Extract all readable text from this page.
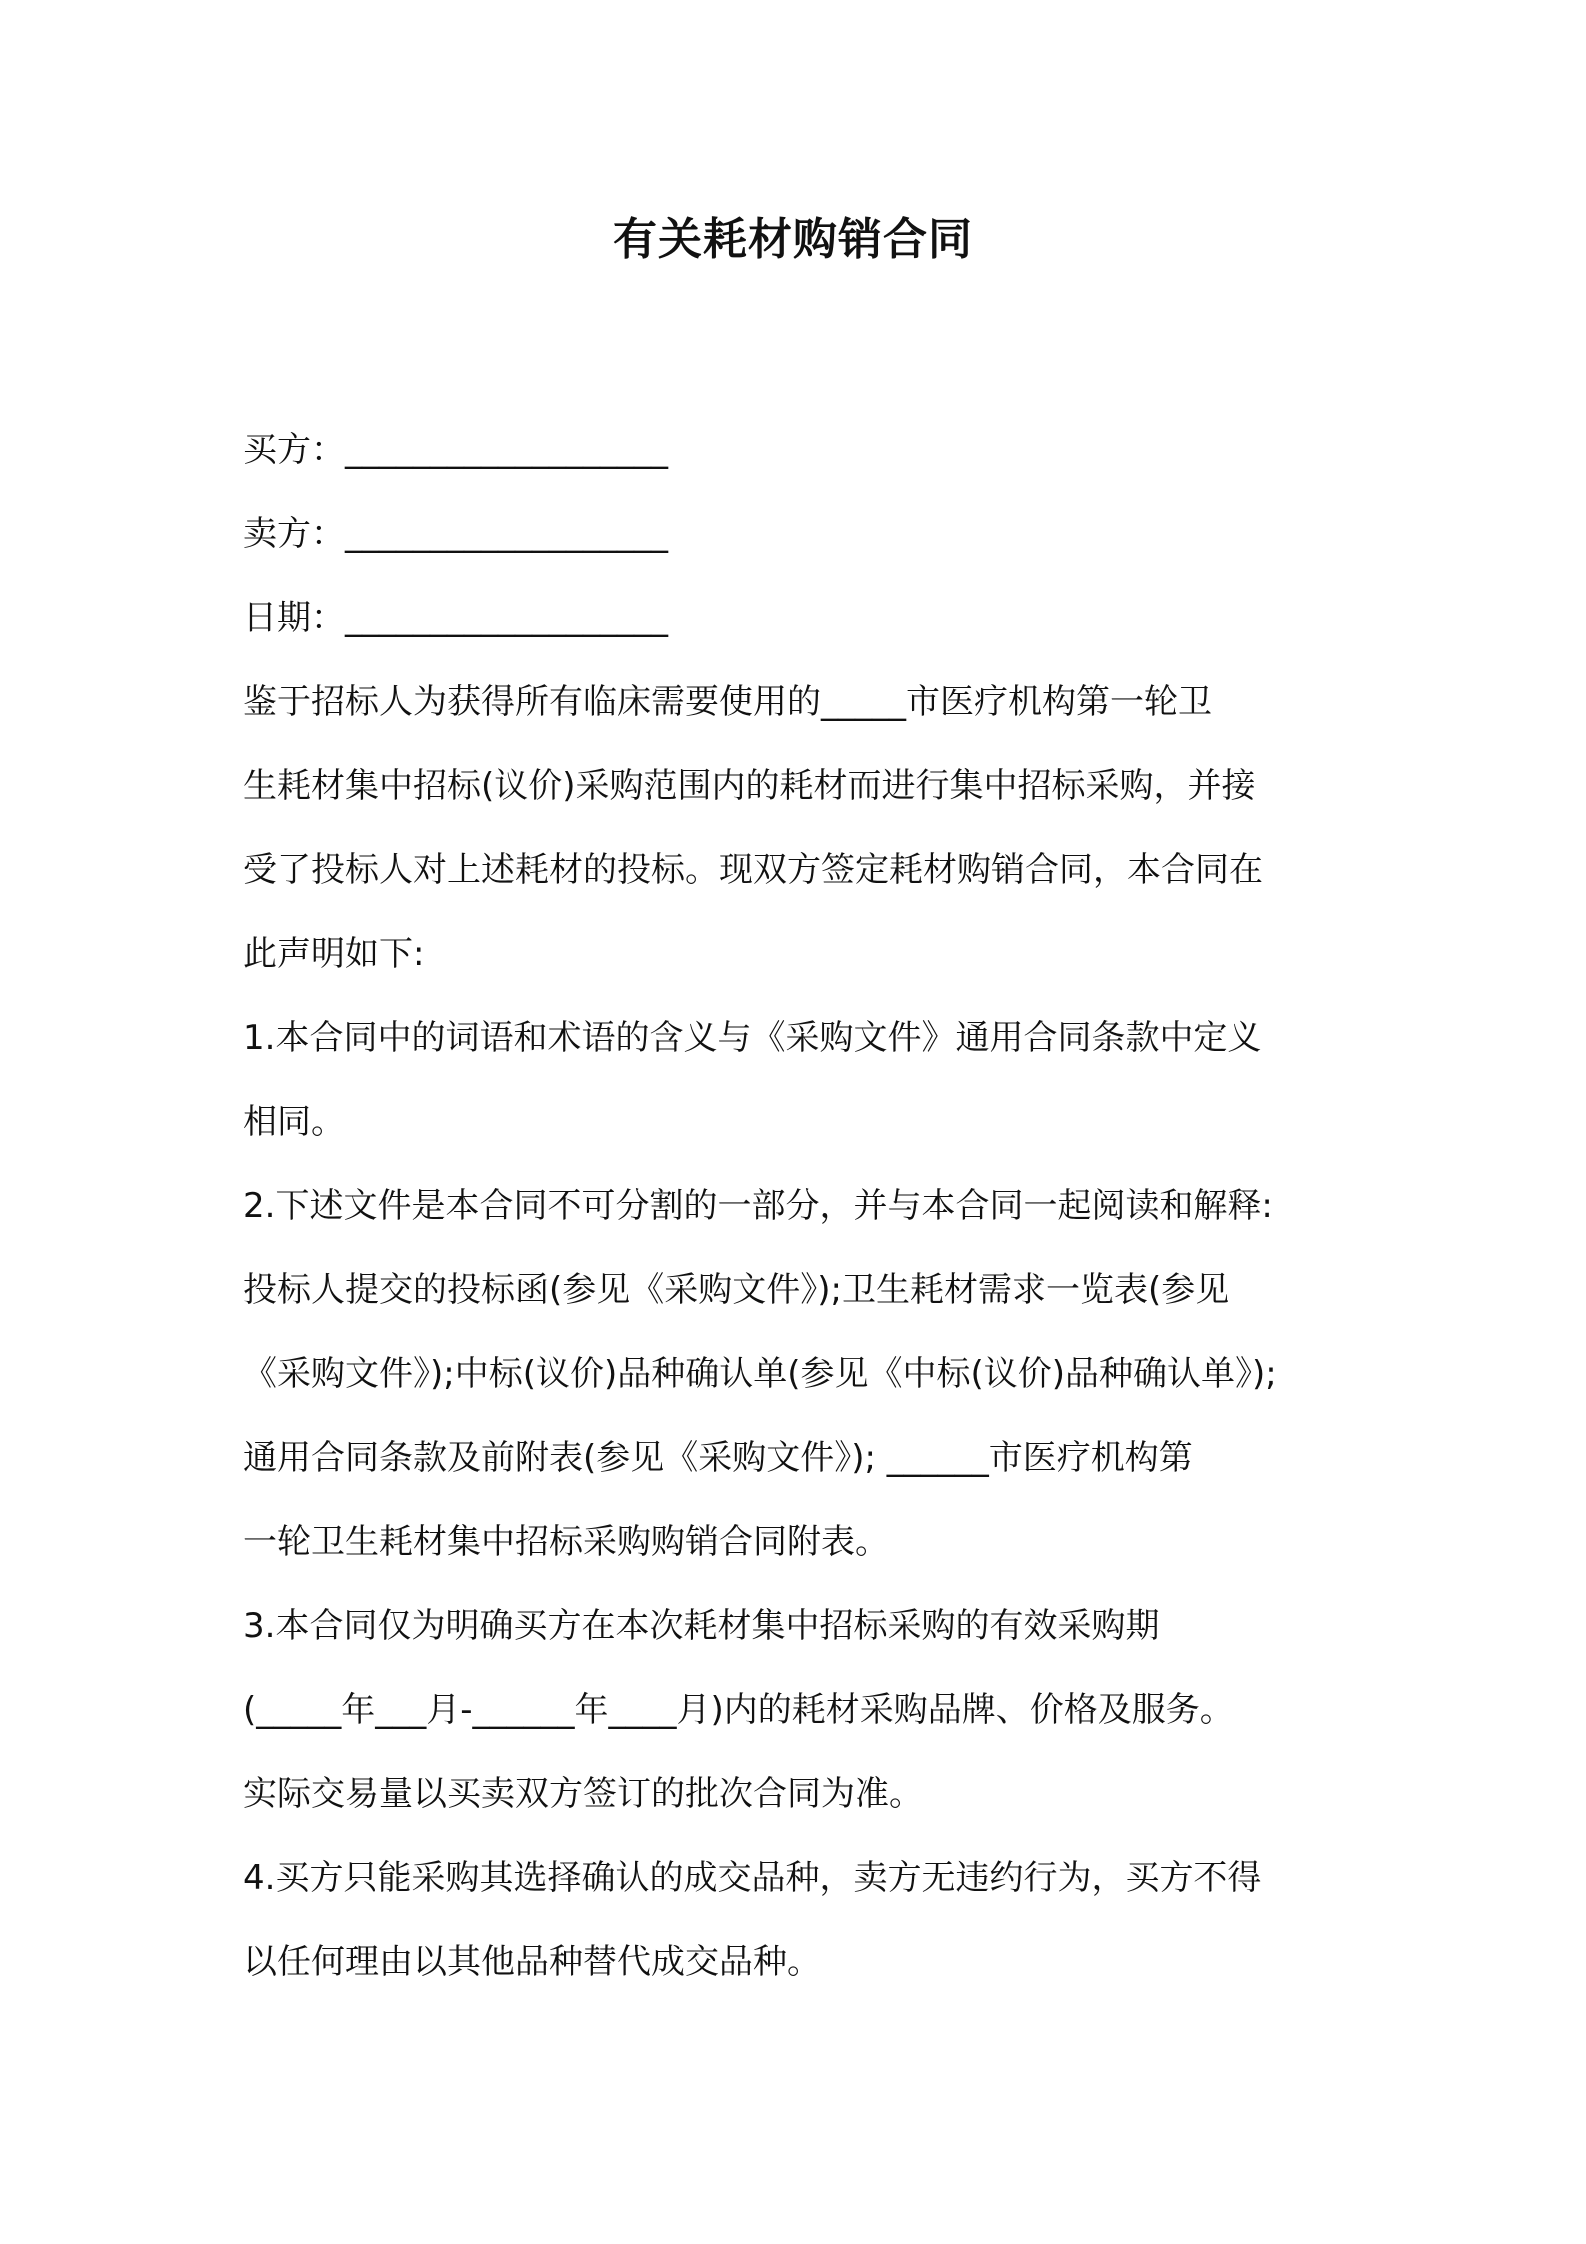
有关耗材购销合同
买方：___________________
卖方：___________________
日期：___________________
鉴于招标人为获得所有临床需要使用的_____市医疗机构第一轮卫
生耗材集中招标(议价)采购范围内的耗材而进行集中招标采购，并接
受了投标人对上述耗材的投标。现双方签定耗材购销合同，本合同在
此声明如下:
1.本合同中的词语和术语的含义与《采购文件》通用合同条款中定义
相同。
2.下述文件是本合同不可分割的一部分，并与本合同一起阅读和解释:
投标人提交的投标函(参见《采购文件》);卫生耗材需求一览表(参见
《采购文件》);中标(议价)品种确认单(参见《中标(议价)品种确认单》);
通用合同条款及前附表(参见《采购文件》); ______市医疗机构第
一轮卫生耗材集中招标采购购销合同附表。
3.本合同仅为明确买方在本次耗材集中招标采购的有效采购期
(_____年___月-______年____月)内的耗材采购品牌、价格及服务。
实际交易量以买卖双方签订的批次合同为准。
4.买方只能采购其选择确认的成交品种，卖方无违约行为，买方不得
以任何理由以其他品种替代成交品种。
